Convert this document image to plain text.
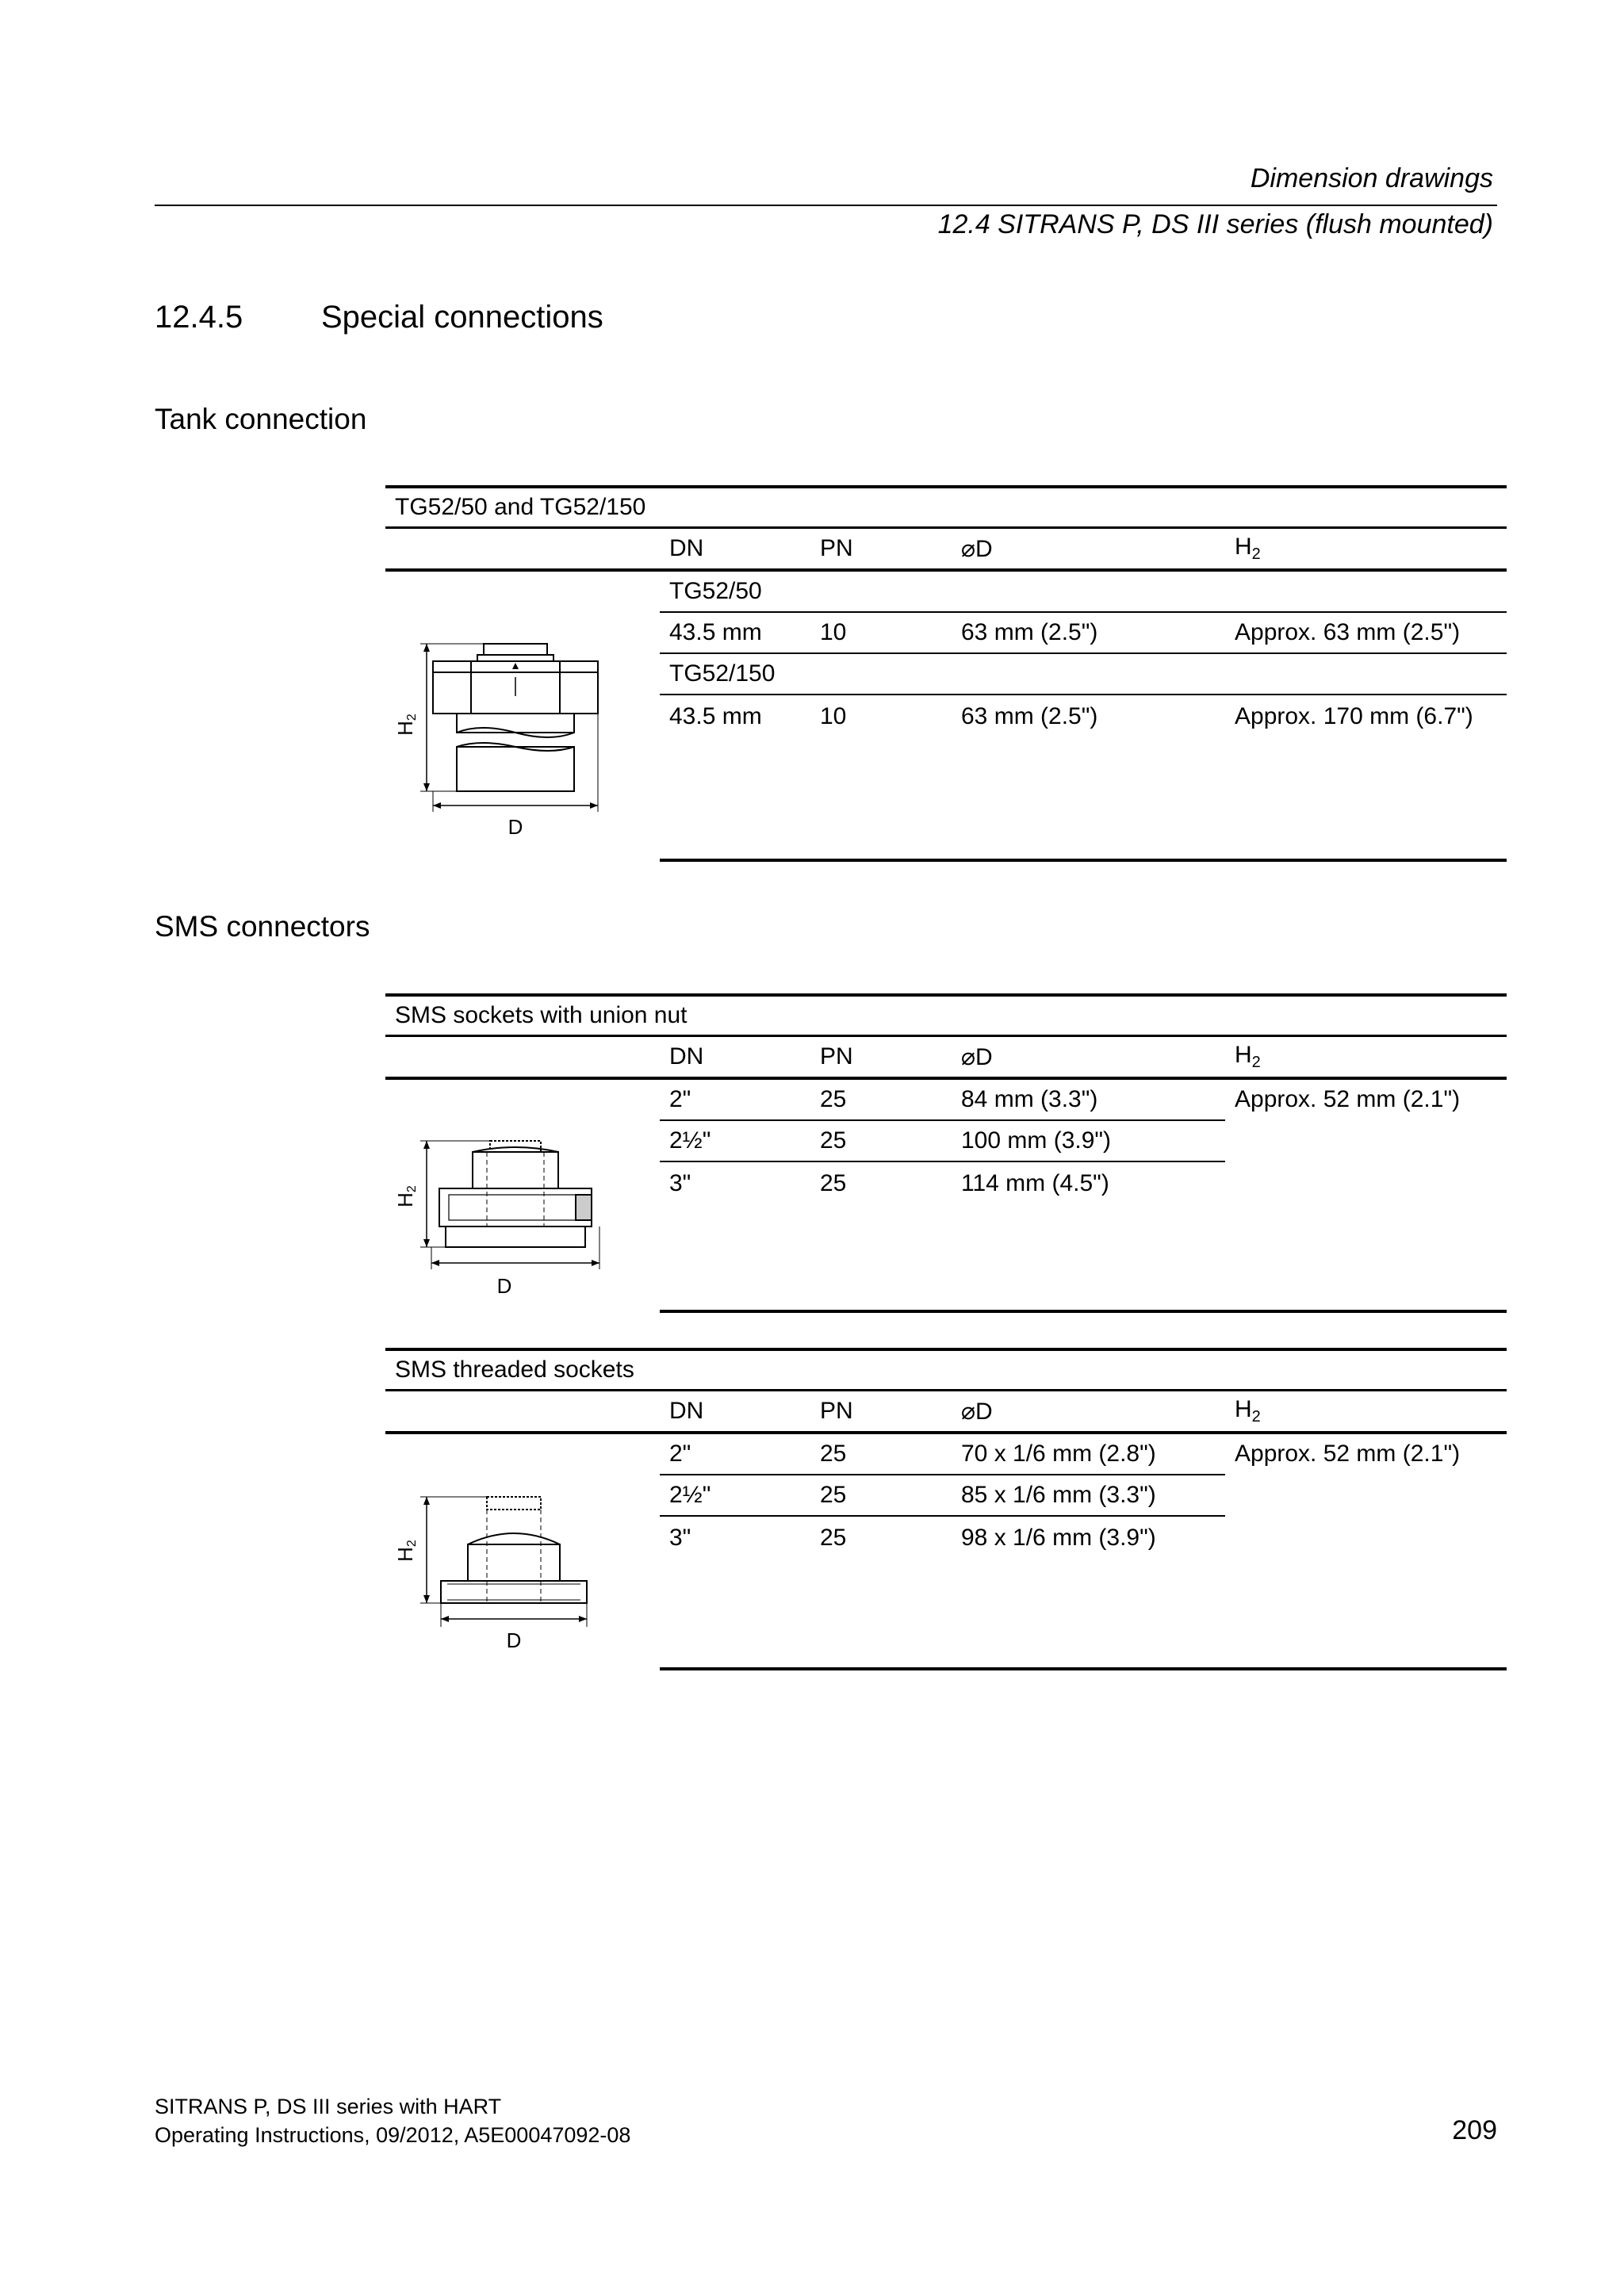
Dimension drawings
12.4 SITRANS P, DS III series (flush mounted)
12.4.5 Special connections
Tank connection
TG52/50 and TG52/150				
	DN	PN	⌀D	$H_2$

H2
D	TG52/50			
	43.5 mm	10	63 mm (2.5")	Approx. 63 mm (2.5")
	TG52/150			
	43.5 mm	10	63 mm (2.5")	Approx. 170 mm (6.7")
SMS connectors
SMS sockets with union nut				
	DN	PN	⌀D	$H_2$

H2
D	2"	25	84 mm (3.3")	Approx. 52 mm (2.1")
	2½"	25	100 mm (3.9")	
	3"	25	114 mm (4.5")	
SMS threaded sockets				
	DN	PN	⌀D	$H_2$

H2
D	2"	25	70 x 1/6 mm (2.8")	Approx. 52 mm (2.1")
	2½"	25	85 x 1/6 mm (3.3")	
	3"	25	98 x 1/6 mm (3.9")	
SITRANS P, DS III series with HART
Operating Instructions, 09/2012, A5E00047092-08	209
